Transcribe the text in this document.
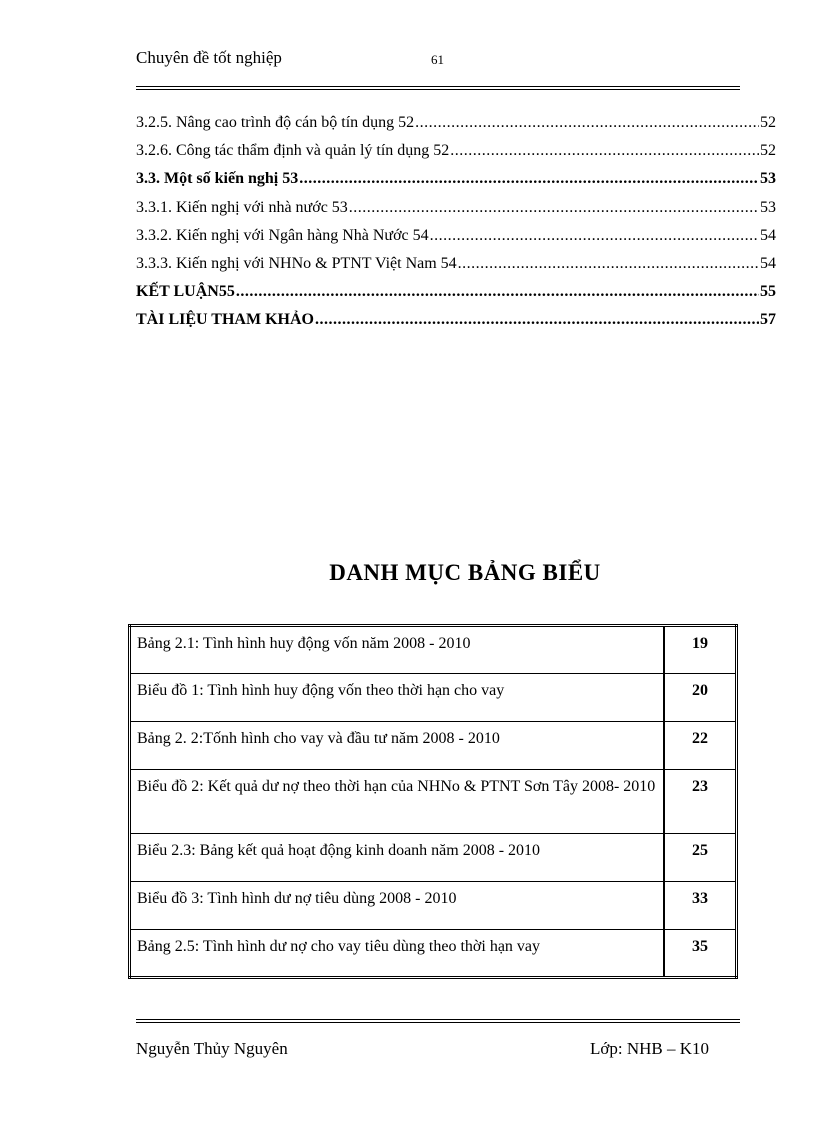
Chuyên đề tốt nghiệp	61
3.2.5. Nâng cao trình độ cán bộ tín dụng 52 .....	52
3.2.6. Công tác thẩm định và quản lý tín dụng 52 .....	52
3.3. Một số kiến nghị 53 .....	53
3.3.1. Kiến nghị với nhà nước 53 .....	53
3.3.2. Kiến nghị với Ngân hàng Nhà Nước 54 .....	54
3.3.3. Kiến nghị với NHNo & PTNT Việt Nam 54 .....	54
KẾT LUẬN55 .....	55
TÀI LIỆU THAM KHẢO .....	57
DANH MỤC BẢNG BIỂU
Bảng 2.1: Tình hình huy động vốn năm 2008 - 2010	19
Biểu đồ 1: Tình hình huy động vốn theo thời hạn cho vay	20
Bảng 2. 2:Tốnh hình cho vay và đầu tư năm 2008 - 2010	22
Biểu đồ 2: Kết quả dư nợ theo thời hạn của NHNo & PTNT Sơn Tây 2008- 2010	23
Biểu 2.3: Bảng kết quả hoạt động kinh doanh năm 2008 - 2010	25
Biểu đồ 3: Tình hình dư nợ tiêu dùng 2008 - 2010	33
Bảng 2.5: Tình hình dư nợ cho vay tiêu dùng theo thời hạn vay	35
Nguyễn Thủy Nguyên	Lớp: NHB – K10
